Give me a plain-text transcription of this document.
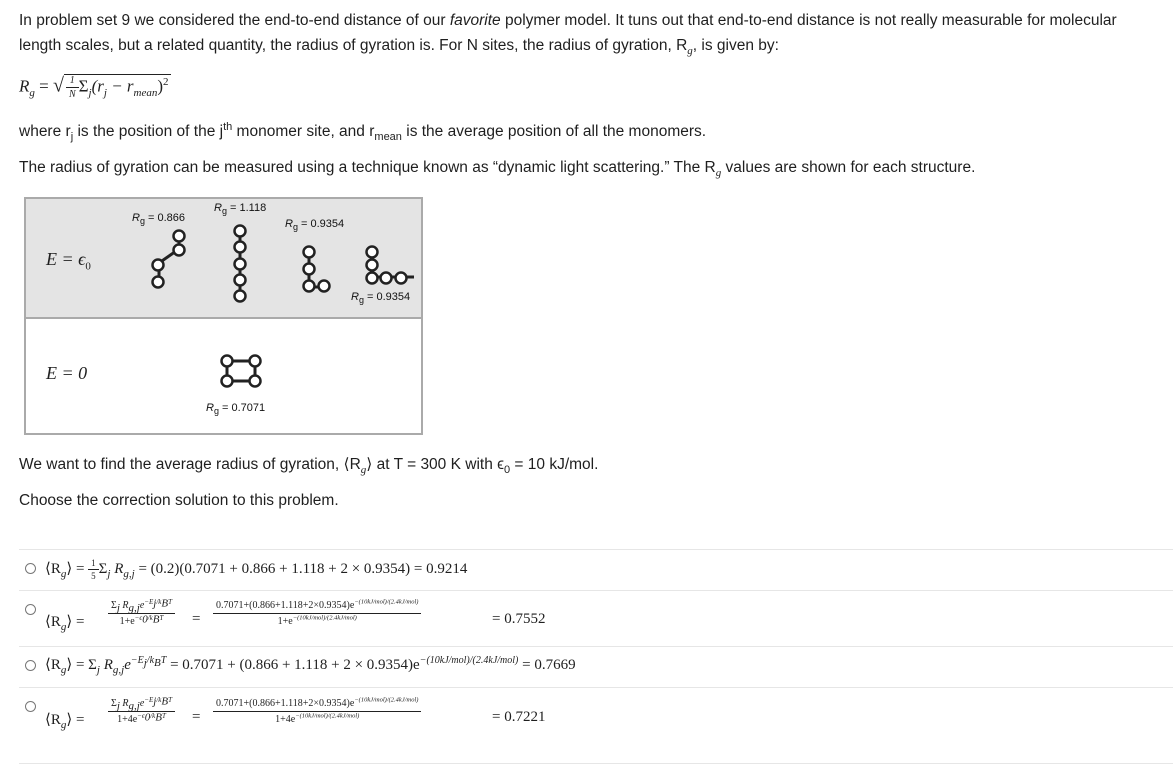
In problem set 9 we considered the end-to-end distance of our favorite polymer model. It tuns out that end-to-end distance is not really measurable for molecular
length scales, but a related quantity, the radius of gyration is. For N sites, the radius of gyration, $R_g$, is given by:
$R_g$ = √ $\frac{1}{N} \Sigma_j(r_j - r_{mean})^2$
where $r_j$ is the position of the $j^{th}$ monomer site, and $r_{mean}$ is the average position of all the monomers.
The radius of gyration can be measured using a technique known as “dynamic light scattering.” The $R_g$ values are shown for each structure.
$E = \epsilon_0$
$R_g = 0.866$
$R_g = 1.118$
$R_g = 0.9354$
$R_g = 0.9354$
E = 0
$R_g = 0.7071$
We want to find the average radius of gyration, $⟨R_g⟩$ at T = 300 K with $\epsilon_0 = 10$ kJ/mol.
Choose the correction solution to this problem.
$⟨R_g⟩ = \frac{1}{5} \Sigma_j$ $R_{g,j} = (0.2)(0.7071 + 0.866 + 1.118 + 2 \times 0.9354) = 0.9214$
$⟨R_g⟩$ =
$\Sigma_j$ $R_{g,j}e^{-E_j/k_BT}$
$1+e^{-\epsilon_0/k_BT}$	=
$0.7071+(0.866+1.118+2\times 0.9354)e^{-(10kJ/mol)/(2.4kJ/mol)}$
$1+e^{-(10kJ/mol)/(2.4kJ/mol)}$	= 0.7552
$⟨R_g⟩ = \Sigma_j$ $R_{g,j}e^{-E_j/k_BT} = 0.7071 + (0.866 + 1.118 + 2 \times 0.9354)e^{-(10kJ/mol)/(2.4kJ/mol)} = 0.7669$
$⟨R_g⟩$ =
$\Sigma_j$ $R_{g,j}e^{-E_j/k_BT}$
$1+4e^{-\epsilon_0/k_BT}$	=
$0.7071+(0.866+1.118+2\times 0.9354)e^{-(10kJ/mol)/(2.4kJ/mol)}$
$1+4e^{-(10kJ/mol)/(2.4kJ/mol)}$	= 0.7221
